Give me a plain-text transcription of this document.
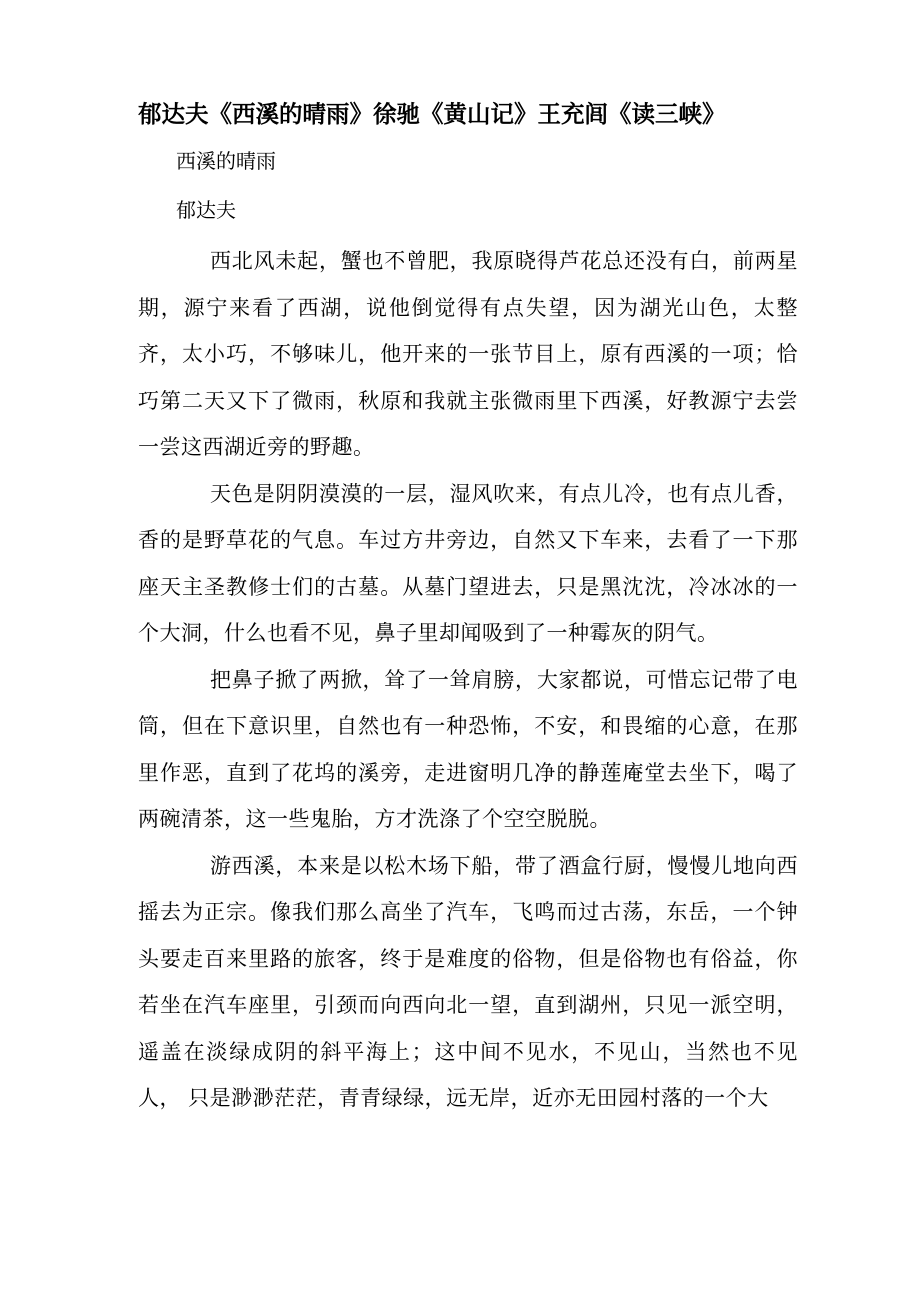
郁达夫《西溪的晴雨》徐驰《黄山记》王充闾《读三峡》
西溪的晴雨
郁达夫

西北风未起，蟹也不曾肥，我原晓得芦花总还没有白，前两星期，源宁来看了西湖，说他倒觉得有点失望，因为湖光山色，太整齐，太小巧，不够味儿，他开来的一张节目上，原有西溪的一项；恰巧第二天又下了微雨，秋原和我就主张微雨里下西溪，好教源宁去尝一尝这西湖近旁的野趣。

天色是阴阴漠漠的一层，湿风吹来，有点儿冷，也有点儿香，香的是野草花的气息。车过方井旁边，自然又下车来，去看了一下那座天主圣教修士们的古墓。从墓门望进去，只是黑沈沈，冷冰冰的一个大洞，什么也看不见，鼻子里却闻吸到了一种霉灰的阴气。

把鼻子掀了两掀，耸了一耸肩膀，大家都说，可惜忘记带了电筒，但在下意识里，自然也有一种恐怖，不安，和畏缩的心意，在那里作恶，直到了花坞的溪旁，走进窗明几净的静莲庵堂去坐下，喝了两碗清茶，这一些鬼胎，方才洗涤了个空空脱脱。

游西溪，本来是以松木场下船，带了酒盒行厨，慢慢儿地向西摇去为正宗。像我们那么高坐了汽车，飞鸣而过古荡，东岳，一个钟头要走百来里路的旅客，终于是难度的俗物，但是俗物也有俗益，你若坐在汽车座里，引颈而向西向北一望，直到湖州，只见一派空明， 遥盖在淡绿成阴的斜平海上；这中间不见水，不见山，当然也不见人， 只是渺渺茫茫，青青绿绿，远无岸，近亦无田园村落的一个大
